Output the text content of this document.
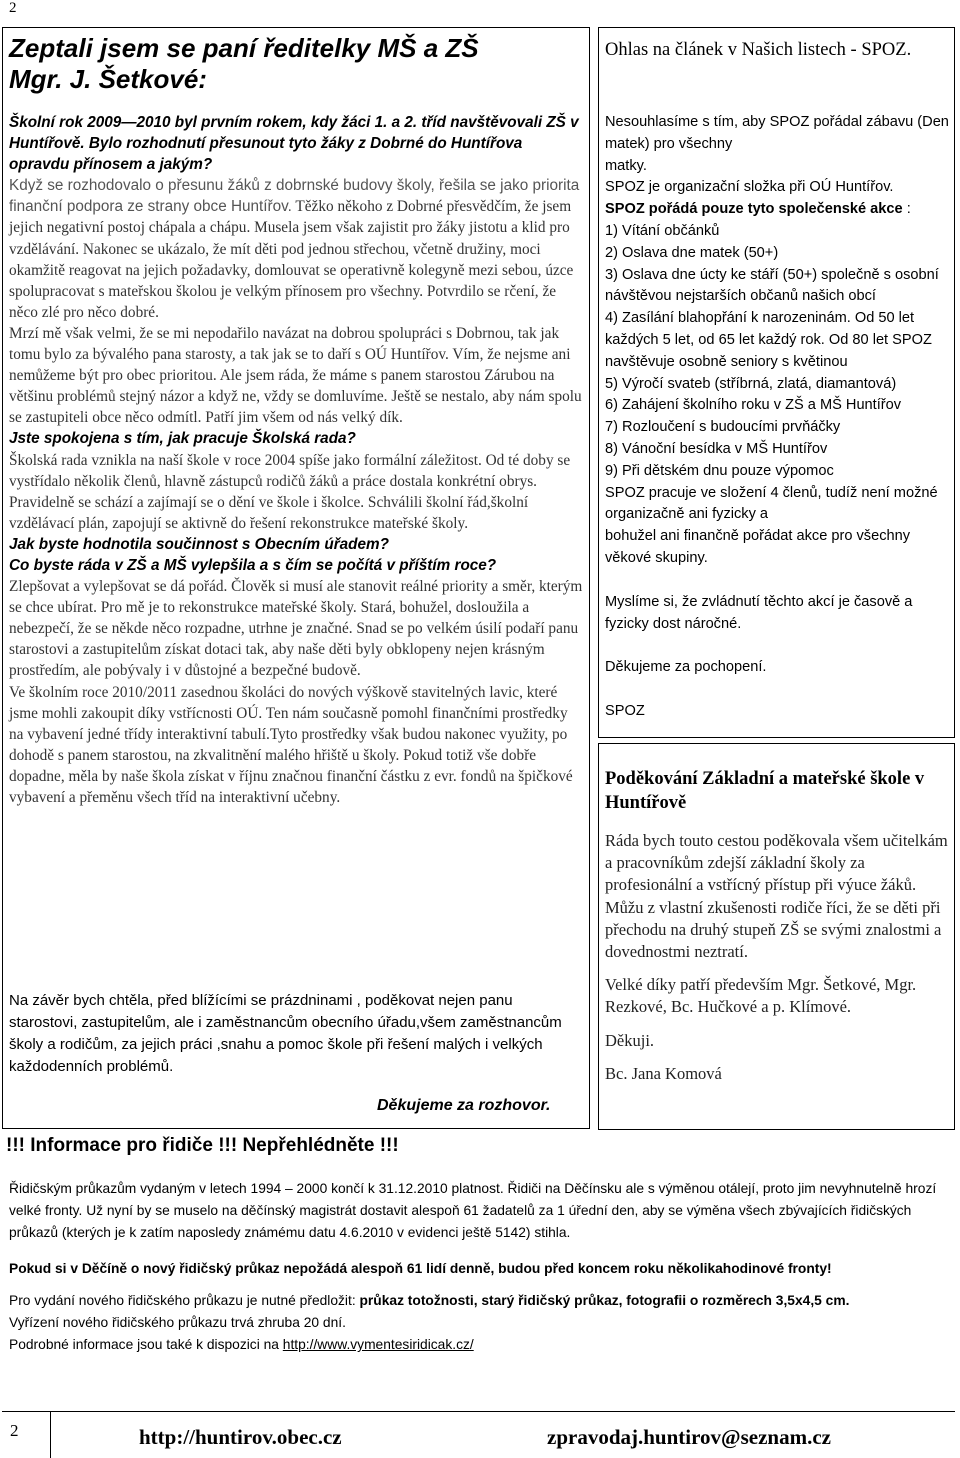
2
Zeptali jsem se paní ředitelky MŠ a ZŠ
Mgr. J. Šetkové:

Školní rok 2009—2010 byl prvním rokem, kdy žáci 1. a 2. tříd navštěvovali ZŠ v Huntířově. Bylo rozhodnutí přesunout tyto žáky z Dobrné do Huntířova opravdu přínosem a jakým?

Když se rozhodovalo o přesunu žáků z dobrnské budovy školy, řešila se jako priorita finanční podpora ze strany obce Huntířov. Těžko někoho z Dobrné přesvědčím, že jsem jejich negativní postoj chápala a chápu. Musela jsem však zajistit pro žáky jistotu a klid pro vzdělávání. Nakonec se ukázalo, že mít děti pod jednou střechou, včetně družiny, moci okamžitě reagovat na jejich požadavky, domlouvat se operativně kolegyně mezi sebou, úzce spolupracovat s mateřskou školou je velkým přínosem pro všechny. Potvrdilo se rčení, že něco zlé pro něco dobré.

Mrzí mě však velmi, že se mi nepodařilo navázat na dobrou spolupráci s Dobrnou, tak jak tomu bylo za bývalého pana starosty, a tak jak se to daří s OÚ Huntířov. Vím, že nejsme ani nemůžeme být pro obec prioritou. Ale jsem ráda, že máme s panem starostou Zárubou na většinu problémů stejný názor a když ne, vždy se domluvíme. Ještě se nestalo, aby nám spolu se zastupiteli obce něco odmítl. Patří jim všem od nás velký dík.

Jste spokojena s tím, jak pracuje Školská rada?

Školská rada vznikla na naší škole v roce 2004 spíše jako formální záležitost. Od té doby se vystřídalo několik členů, hlavně zástupců rodičů žáků a práce dostala konkrétní obrys. Pravidelně se schází a zajímají se o dění ve škole i školce. Schválili školní řád,školní vzdělávací plán, zapojují se aktivně do řešení rekonstrukce mateřské školy.

Jak byste hodnotila součinnost s Obecním úřadem?

Co byste ráda v ZŠ a MŠ vylepšila a s čím se počítá v příštím roce?

Zlepšovat a vylepšovat se dá pořád. Člověk si musí ale stanovit reálné priority a směr, kterým se chce ubírat. Pro mě je to rekonstrukce mateřské školy. Stará, bohužel, dosloužila a nebezpečí, že se někde něco rozpadne, utrhne je značné. Snad se po velkém úsilí podaří panu starostovi a zastupitelům získat dotaci tak, aby naše děti byly obklopeny nejen krásným prostředím, ale pobývaly i v důstojné a bezpečné budově.

Ve školním roce 2010/2011 zasednou školáci do nových výškově stavitelných lavic, které jsme mohli zakoupit díky vstřícnosti OÚ. Ten nám současně pomohl finančními prostředky na vybavení jedné třídy interaktivní tabulí.Tyto prostředky však budou nakonec využity, po dohodě s panem starostou, na zkvalitnění malého hřiště u školy. Pokud totiž vše dobře dopadne, měla by naše škola získat v říjnu značnou finanční částku z evr. fondů na špičkové vybavení a přeměnu všech tříd na interaktivní učebny.

Na závěr bych chtěla, před blížícími se prázdninami , poděkovat nejen panu starostovi, zastupitelům, ale i zaměstnancům obecního úřadu,všem zaměstnancům školy a rodičům, za jejich práci ,snahu a pomoc škole při řešení malých i velkých každodenních problémů.
Děkujeme za rozhovor.
Ohlas na článek v Našich listech - SPOZ.

Nesouhlasíme s tím, aby SPOZ pořádal zábavu (Den matek) pro všechny

matky.

SPOZ je organizační složka při OÚ Huntířov.

SPOZ pořádá pouze tyto společenské akce :

1) Vítání občánků

2) Oslava dne matek (50+)

3) Oslava dne úcty ke stáří (50+) společně s osobní návštěvou nejstarších občanů našich obcí

4) Zasílání blahopřání k narozeninám. Od 50 let každých 5 let, od 65 let každý rok. Od 80 let SPOZ navštěvuje osobně seniory s květinou

5) Výročí svateb (stříbrná, zlatá, diamantová)

6) Zahájení školního roku v ZŠ a MŠ Huntířov

7) Rozloučení s budoucími prvňáčky

8) Vánoční besídka v MŠ Huntířov

9) Při dětském dnu pouze výpomoc

SPOZ pracuje ve složení 4 členů, tudíž není možné organizačně ani fyzicky a

bohužel ani finančně pořádat akce pro všechny věkové skupiny.

Myslíme si, že zvládnutí těchto akcí je časově a fyzicky dost náročné.

Děkujeme za pochopení.

SPOZ

Poděkování Základní a mateřské škole v Huntířově

Ráda bych touto cestou poděkovala všem učitelkám a pracovníkům zdejší základní školy za profesionální a vstřícný přístup při výuce žáků. Můžu z vlastní zkušenosti rodiče říci, že se děti při přechodu na druhý stupeň ZŠ se svými znalostmi a dovednostmi neztratí.

Velké díky patří především Mgr. Šetkové, Mgr. Rezkové, Bc. Hučkové a p. Klímové.

Děkuji.

Bc. Jana Komová

!!! Informace pro řidiče !!! Nepřehlédněte !!!

Řidičským průkazům vydaným v letech 1994 – 2000 končí k 31.12.2010 platnost. Řidiči na Děčínsku ale s výměnou otálejí, proto jim nevyhnutelně hrozí velké fronty. Už nyní by se muselo na děčínský magistrát dostavit alespoň 61 žadatelů za 1 úřední den, aby se výměna všech zbývajících řidičských průkazů (kterých je k zatím naposledy známému datu 4.6.2010 v evidenci ještě 5142) stihla.

Pokud si v Děčíně o nový řidičský průkaz nepožádá alespoň 61 lidí denně, budou před koncem roku několikahodinové fronty!

Pro vydání nového řidičského průkazu je nutné předložit: průkaz totožnosti, starý řidičský průkaz, fotografii o rozměrech 3,5x4,5 cm.

Vyřízení nového řidičského průkazu trvá zhruba 20 dní.

Podrobné informace jsou také k dispozici na http://www.vymentesiridicak.cz/

2	http://huntirov.obec.cz	zpravodaj.huntirov@seznam.cz
